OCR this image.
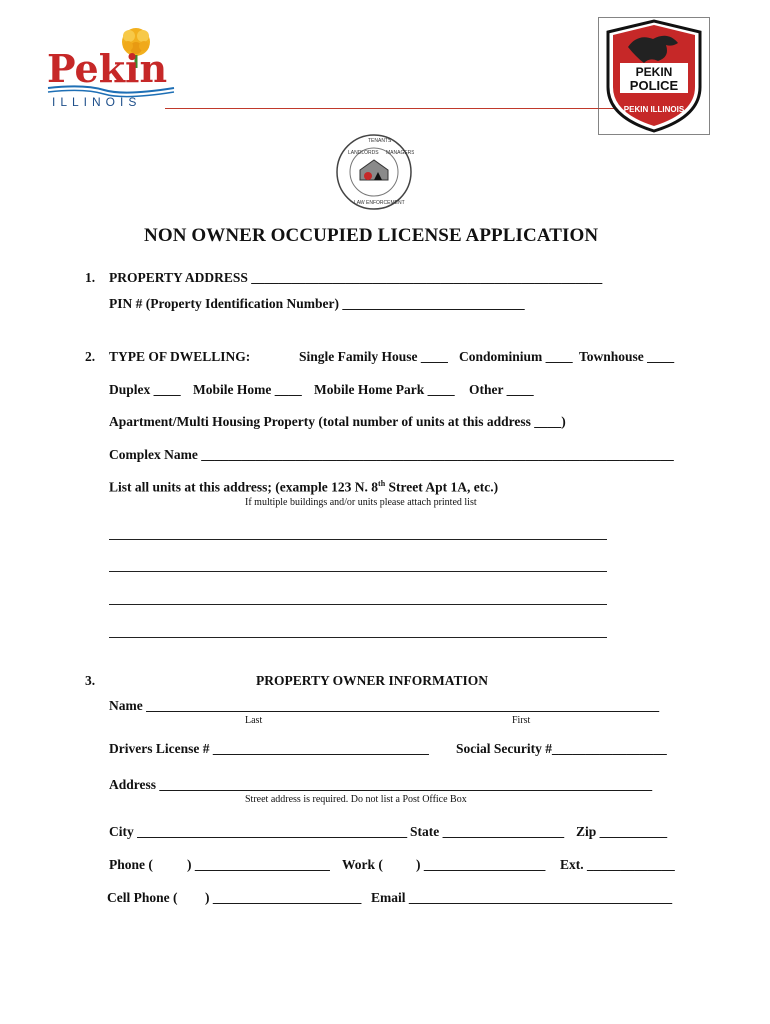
Pekin
ILLINOIS
PEKIN
POLICE
PEKIN ILLINOIS
LANDLORDS
TENANTS
MANAGERS
LAW ENFORCEMENT
NON OWNER OCCUPIED LICENSE APPLICATION
1. PROPERTY ADDRESS ____________________________________________________
PIN # (Property Identification Number) ___________________________
2. TYPE OF DWELLING:	Single Family House ____ Condominium ____ Townhouse ____
Duplex ____ Mobile Home ____ Mobile Home Park ____ Other ____
Apartment/Multi Housing Property (total number of units at this address ____)
Complex Name ______________________________________________________________________
List all units at this address; (example 123 N. 8th Street Apt 1A, etc.)
If multiple buildings and/or units please attach printed list
3.	PROPERTY OWNER INFORMATION
Name ____________________________________________________________________________
Last	First
Drivers License # ________________________________ Social Security #_________________
Address _________________________________________________________________________
Street address is required. Do not list a Post Office Box
City ________________________________________ State __________________ Zip __________
Phone (	) ____________________ Work ( ) __________________ Ext. _____________
Cell Phone ( ) ______________________ Email _______________________________________
